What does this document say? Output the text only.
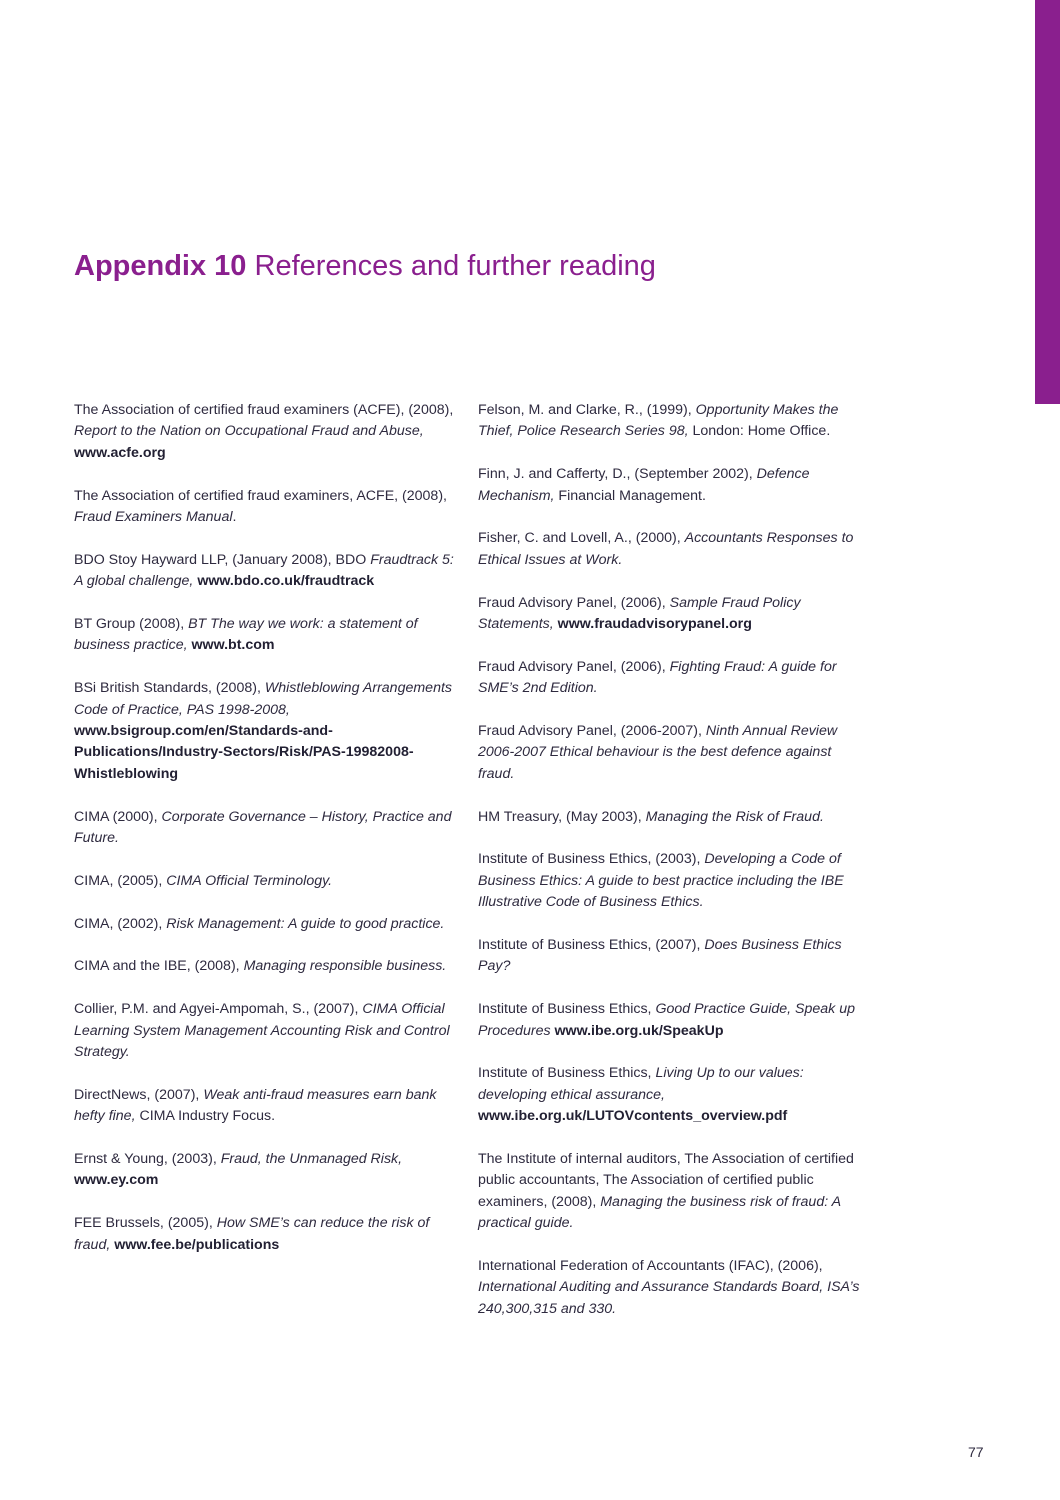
Appendix 10 References and further reading

The Association of certified fraud examiners (ACFE), (2008), Report to the Nation on Occupational Fraud and Abuse, www.acfe.org

The Association of certified fraud examiners, ACFE, (2008), Fraud Examiners Manual.

BDO Stoy Hayward LLP, (January 2008), BDO Fraudtrack 5: A global challenge, www.bdo.co.uk/fraudtrack

BT Group (2008), BT The way we work: a statement of business practice, www.bt.com

BSi British Standards, (2008), Whistleblowing Arrangements Code of Practice, PAS 1998-2008, www.bsigroup.com/en/Standards-and-Publications/Industry-Sectors/Risk/PAS-19982008-Whistleblowing

CIMA (2000), Corporate Governance – History, Practice and Future.

CIMA, (2005), CIMA Official Terminology.

CIMA, (2002), Risk Management: A guide to good practice.

CIMA and the IBE, (2008), Managing responsible business.

Collier, P.M. and Agyei-Ampomah, S., (2007), CIMA Official Learning System Management Accounting Risk and Control Strategy.

DirectNews, (2007), Weak anti-fraud measures earn bank hefty fine, CIMA Industry Focus.

Ernst & Young, (2003), Fraud, the Unmanaged Risk, www.ey.com

FEE Brussels, (2005), How SME’s can reduce the risk of fraud, www.fee.be/publications

Felson, M. and Clarke, R., (1999), Opportunity Makes the Thief, Police Research Series 98, London: Home Office.

Finn, J. and Cafferty, D., (September 2002), Defence Mechanism, Financial Management.

Fisher, C. and Lovell, A., (2000), Accountants Responses to Ethical Issues at Work.

Fraud Advisory Panel, (2006), Sample Fraud Policy Statements, www.fraudadvisorypanel.org

Fraud Advisory Panel, (2006), Fighting Fraud: A guide for SME’s 2nd Edition.

Fraud Advisory Panel, (2006-2007), Ninth Annual Review 2006-2007 Ethical behaviour is the best defence against fraud.

HM Treasury, (May 2003), Managing the Risk of Fraud.

Institute of Business Ethics, (2003), Developing a Code of Business Ethics: A guide to best practice including the IBE Illustrative Code of Business Ethics.

Institute of Business Ethics, (2007), Does Business Ethics Pay?

Institute of Business Ethics, Good Practice Guide, Speak up Procedures www.ibe.org.uk/SpeakUp

Institute of Business Ethics, Living Up to our values: developing ethical assurance, www.ibe.org.uk/LUTOVcontents_overview.pdf

The Institute of internal auditors, The Association of certified public accountants, The Association of certified public examiners, (2008), Managing the business risk of fraud: A practical guide.

International Federation of Accountants (IFAC), (2006), International Auditing and Assurance Standards Board, ISA’s 240,300,315 and 330.

77
